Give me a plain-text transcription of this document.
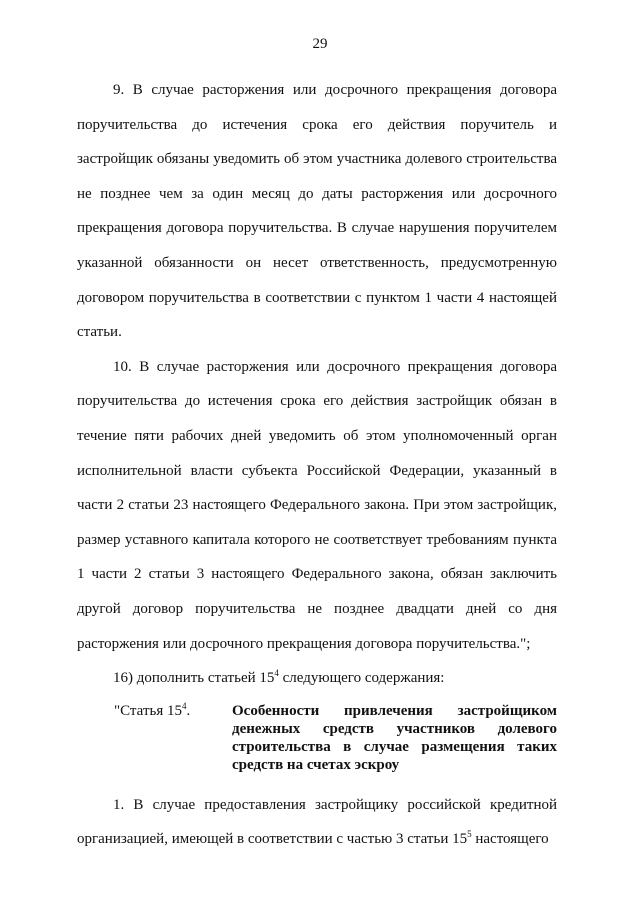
29

9. В случае расторжения или досрочного прекращения договора поручительства до истечения срока его действия поручитель и застройщик обязаны уведомить об этом участника долевого строительства не позднее чем за один месяц до даты расторжения или досрочного прекращения договора поручительства. В случае нарушения поручителем указанной обязанности он несет ответственность, предусмотренную договором поручительства в соответствии с пунктом 1 части 4 настоящей статьи.

10. В случае расторжения или досрочного прекращения договора поручительства до истечения срока его действия застройщик обязан в течение пяти рабочих дней уведомить об этом уполномоченный орган исполнительной власти субъекта Российской Федерации, указанный в части 2 статьи 23 настоящего Федерального закона. При этом застройщик, размер уставного капитала которого не соответствует требованиям пункта 1 части 2 статьи 3 настоящего Федерального закона, обязан заключить другой договор поручительства не позднее двадцати дней со дня расторжения или досрочного прекращения договора поручительства.";

16) дополнить статьей $15^4$ следующего содержания:

"Статья $15^4$.	Особенности привлечения застройщиком денежных средств участников долевого строительства в случае размещения таких средств на счетах эскроу

1. В случае предоставления застройщику российской кредитной организацией, имеющей в соответствии с частью 3 статьи $15^5$ настоящего
